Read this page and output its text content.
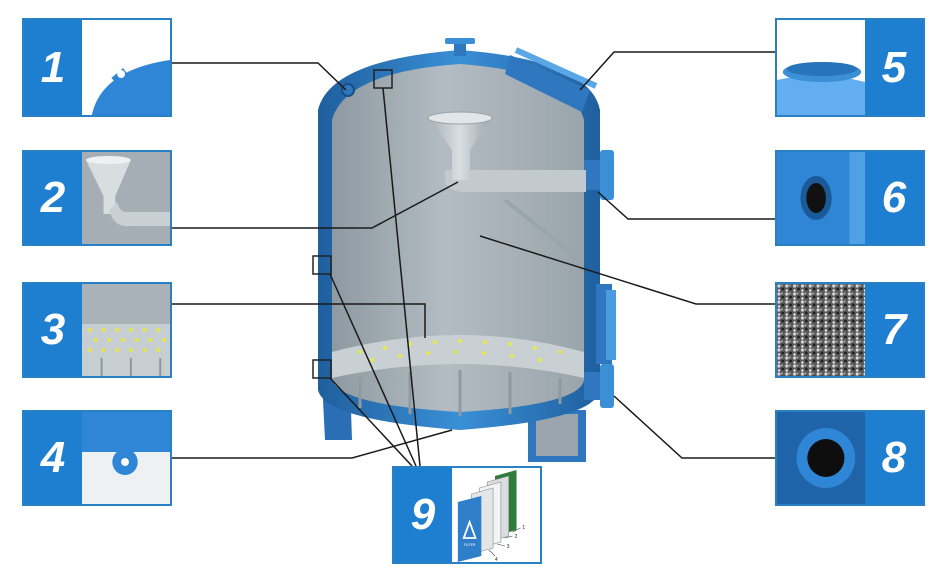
1
2
3
4
5
6
7
8
9
FILTER
1
2
3
4
